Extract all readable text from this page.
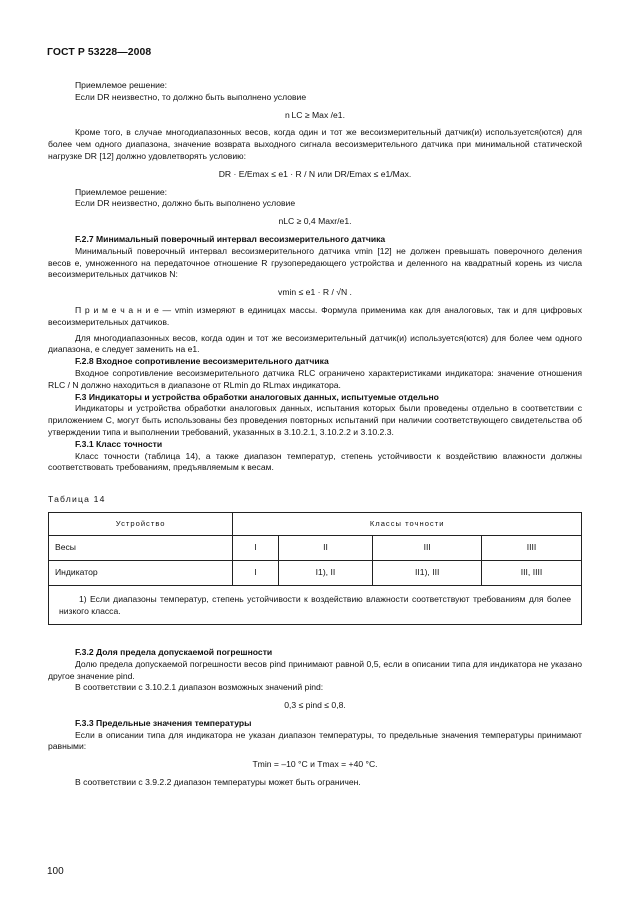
ГОСТ Р 53228—2008

Приемлемое решение:

Если DR неизвестно, то должно быть выполнено условие

n LC ≥ Max /e1.

Кроме того, в случае многодиапазонных весов, когда один и тот же весоизмерительный датчик(и) используется(ются) для более чем одного диапазона, значение возврата выходного сигнала весоизмерительного датчика при минимальной статической нагрузке DR [12] должно удовлетворять условию:

DR · E/Emax ≤ e1 · R / N или DR/Emax ≤ e1/Max.

Приемлемое решение:

Если DR неизвестно, должно быть выполнено условие

nLC ≥ 0,4 Maxr/e1.

F.2.7 Минимальный поверочный интервал весоизмерительного датчика

Минимальный поверочный интервал весоизмерительного датчика vmin [12] не должен превышать поверочного деления весов e, умноженного на передаточное отношение R грузопередающего устройства и деленного на квадратный корень из числа весоизмерительных датчиков N:

vmin ≤ e1 · R / √N .

П р и м е ч а н и е — vmin измеряют в единицах массы. Формула применима как для аналоговых, так и для цифровых весоизмерительных датчиков.

Для многодиапазонных весов, когда один и тот же весоизмерительный датчик(и) используется(ются) для более чем одного диапазона, e следует заменить на e1.

F.2.8 Входное сопротивление весоизмерительного датчика

Входное сопротивление весоизмерительного датчика RLC ограничено характеристиками индикатора: значение отношения RLC / N должно находиться в диапазоне от RLmin до RLmax индикатора.

F.3 Индикаторы и устройства обработки аналоговых данных, испытуемые отдельно

Индикаторы и устройства обработки аналоговых данных, испытания которых были проведены отдельно в соответствии с приложением С, могут быть использованы без проведения повторных испытаний при наличии соответствующего свидетельства об утверждении типа и выполнении требований, указанных в 3.10.2.1, 3.10.2.2 и 3.10.2.3.

F.3.1 Класс точности

Класс точности (таблица 14), а также диапазон температур, степень устойчивости к воздействию влажности должны соответствовать требованиям, предъявляемым к весам.

Таблица 14

Устройство	Классы точности			
Весы	I	II	III	IIII
Индикатор	I	I1), II	II1), III	III, IIII
1) Если диапазоны температур, степень устойчивости к воздействию влажности соответствуют требованиям для более низкого класса.				

F.3.2 Доля предела допускаемой погрешности

Долю предела допускаемой погрешности весов pind принимают равной 0,5, если в описании типа для индикатора не указано другое значение pind.

В соответствии с 3.10.2.1 диапазон возможных значений pind:

0,3 ≤ pind ≤ 0,8.

F.3.3 Предельные значения температуры

Если в описании типа для индикатора не указан диапазон температуры, то предельные значения температуры принимают равными:

Tmin = –10 °C и Tmax = +40 °C.

В соответствии с 3.9.2.2 диапазон температуры может быть ограничен.

100
